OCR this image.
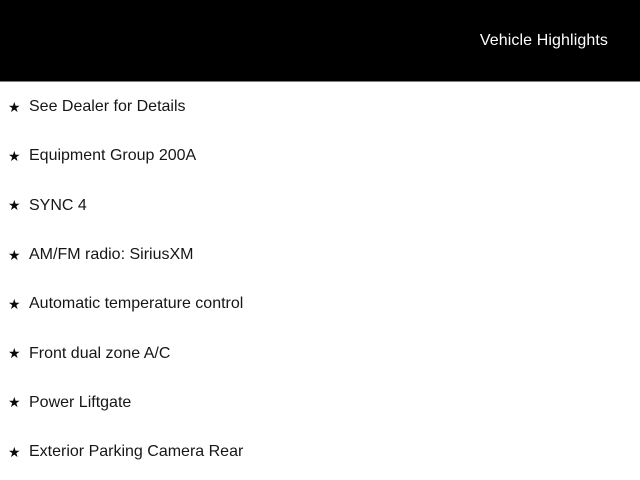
Vehicle Highlights
★ See Dealer for Details
★ Equipment Group 200A
★ SYNC 4
★ AM/FM radio: SiriusXM
★ Automatic temperature control
★ Front dual zone A/C
★ Power Liftgate
★ Exterior Parking Camera Rear
